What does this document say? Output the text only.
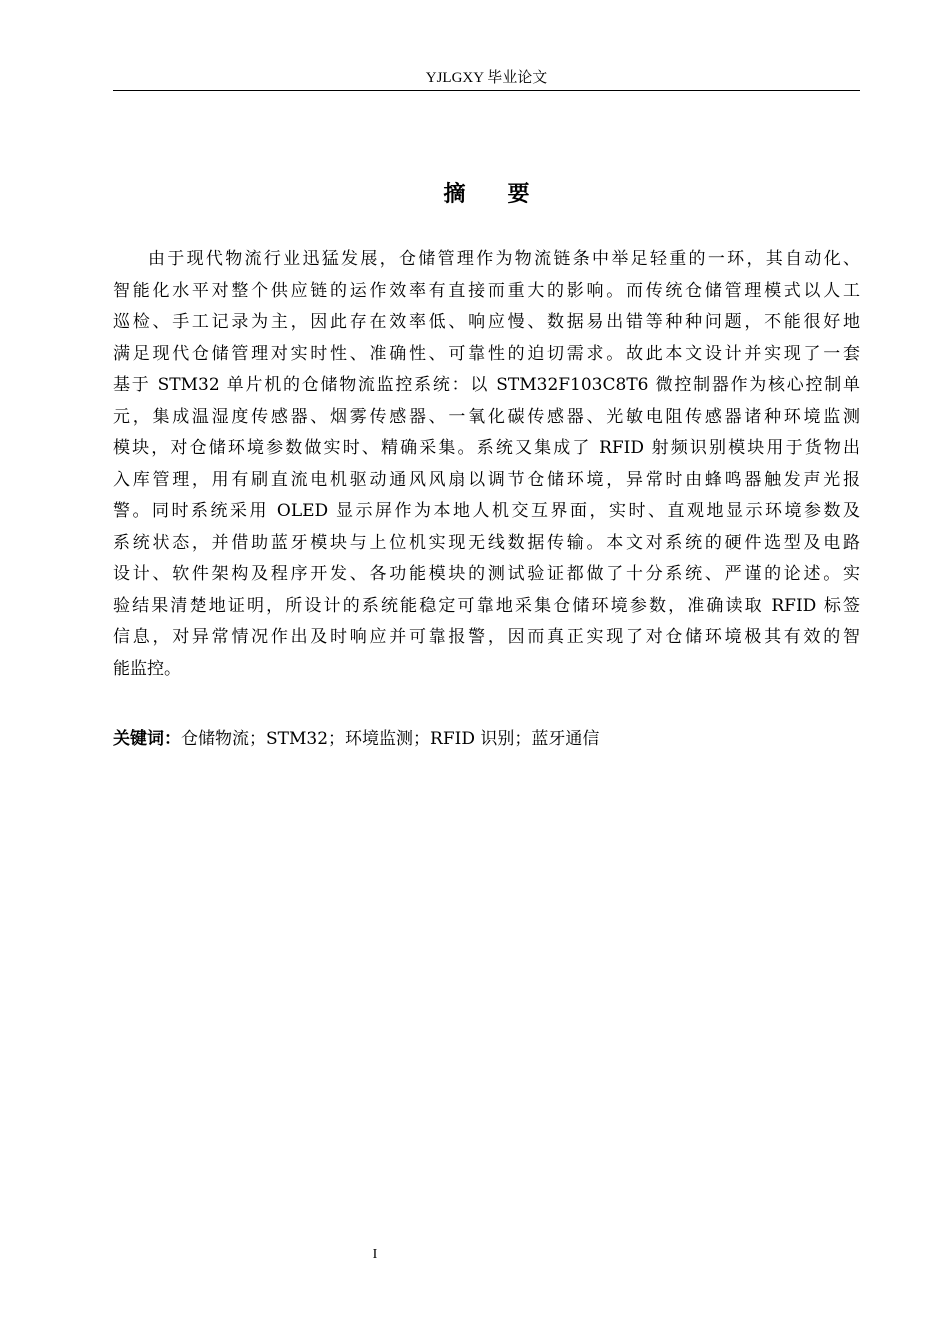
YJLGXY 毕业论文
摘要

由于现代物流行业迅猛发展，仓储管理作为物流链条中举足轻重的一环，其自动化、
智能化水平对整个供应链的运作效率有直接而重大的影响。而传统仓储管理模式以人工
巡检、手工记录为主，因此存在效率低、响应慢、数据易出错等种种问题，不能很好地
满足现代仓储管理对实时性、准确性、可靠性的迫切需求。故此本文设计并实现了一套
基于 STM32 单片机的仓储物流监控系统：以 STM32F103C8T6 微控制器作为核心控制单
元，集成温湿度传感器、烟雾传感器、一氧化碳传感器、光敏电阻传感器诸种环境监测
模块，对仓储环境参数做实时、精确采集。系统又集成了 RFID 射频识别模块用于货物出
入库管理，用有刷直流电机驱动通风风扇以调节仓储环境，异常时由蜂鸣器触发声光报
警。同时系统采用 OLED 显示屏作为本地人机交互界面，实时、直观地显示环境参数及
系统状态，并借助蓝牙模块与上位机实现无线数据传输。本文对系统的硬件选型及电路
设计、软件架构及程序开发、各功能模块的测试验证都做了十分系统、严谨的论述。实
验结果清楚地证明，所设计的系统能稳定可靠地采集仓储环境参数，准确读取 RFID 标签
信息，对异常情况作出及时响应并可靠报警，因而真正实现了对仓储环境极其有效的智
能监控。

关键词：仓储物流；STM32；环境监测；RFID 识别；蓝牙通信

I
